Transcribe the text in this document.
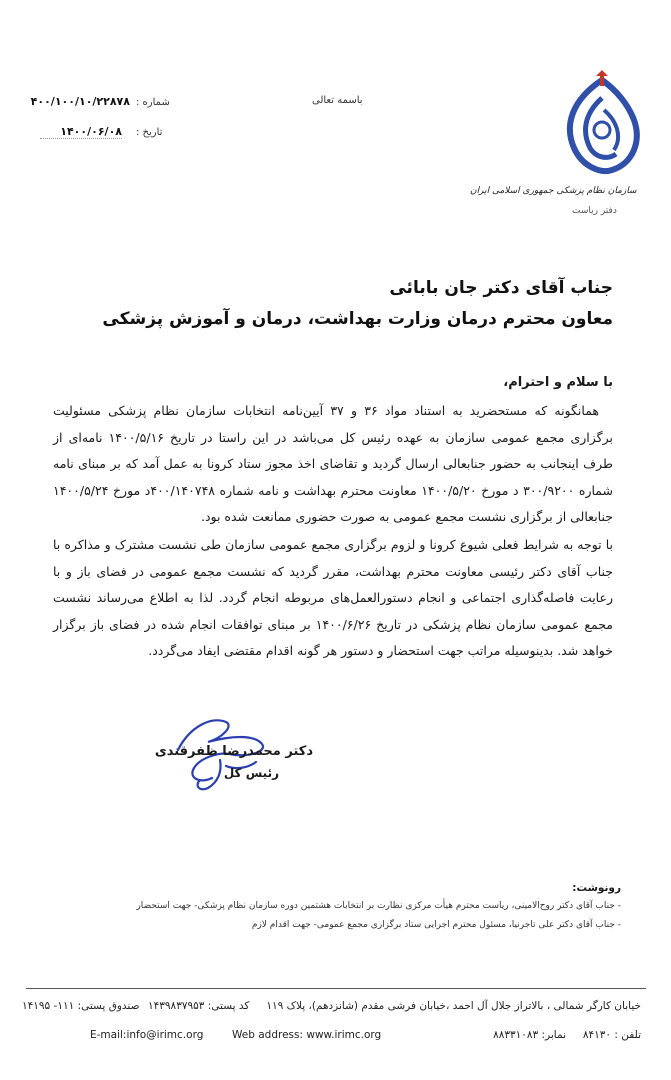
باسمه تعالی
شماره :
۴۰۰/۱۰۰/۱۰/۲۲۸۷۸
تاریخ :
۱۴۰۰/۰۶/۰۸
سازمان نظام پزشکی جمهوری اسلامی ایران
دفتر ریاست
جناب آقای دکتر جان بابائی
معاون محترم درمان وزارت بهداشت، درمان و آموزش پزشکی
با سلام و احترام،
همانگونه که مستحضرید به استناد مواد ۳۶ و ۳۷ آیین‌نامه انتخابات سازمان نظام پزشکی مسئولیت برگزاری مجمع عمومی سازمان به عهده رئیس کل می‌باشد در این راستا در تاریخ ۱۴۰۰/۵/۱۶ نامه‌ای از طرف اینجانب به حضور جنابعالی ارسال گردید و تقاضای اخذ مجوز ستاد کرونا به عمل آمد که بر مبنای نامه شماره ۳۰۰/۹۲۰۰ د مورخ ۱۴۰۰/۵/۲۰ معاونت محترم بهداشت و نامه شماره ۴۰۰/۱۴۰۷۴۸د مورخ ۱۴۰۰/۵/۲۴ جنابعالی از برگزاری نشست مجمع عمومی به صورت حضوری ممانعت شده بود.
با توجه به شرایط فعلی شیوع کرونا و لزوم برگزاری مجمع عمومی سازمان طی نشست مشترک و مذاکره با جناب آقای دکتر رئیسی معاونت محترم بهداشت، مقرر گردید که نشست مجمع عمومی در فضای باز و با رعایت فاصله‌گذاری اجتماعی و انجام دستورالعمل‌های مربوطه انجام گردد. لذا به اطلاع می‌رساند نشست مجمع عمومی سازمان نظام پزشکی در تاریخ ۱۴۰۰/۶/۲۶ بر مبنای توافقات انجام شده در فضای باز برگزار خواهد شد. بدینوسیله مراتب جهت استحضار و دستور هر گونه اقدام مقتضی ایفاد می‌گردد.
دکتر محمدرضا ظفرقندی
رئیس کل
رونوشت:
- جناب آقای دکتر روح‌الامینی، ریاست محترم هیأت مرکزی نظارت بر انتخابات هشتمین دوره سازمان نظام پزشکی- جهت استحضار
- جناب آقای دکتر علی تاجرنیا، مسئول محترم اجرایی ستاد برگزاری مجمع عمومی- جهت اقدام لازم
خیابان کارگر شمالی ، بالاتراز جلال آل احمد ،خیابان فرشی مقدم (شانزدهم)، پلاک ۱۱۹
کد پستی: ۱۴۳۹۸۳۷۹۵۳
صندوق پستی: ۱۱۱- ۱۴۱۹۵
تلفن : ۸۴۱۳۰
نمابر: ۸۸۳۳۱۰۸۳
Web address: www.irimc.org
E-mail:info@irimc.org
